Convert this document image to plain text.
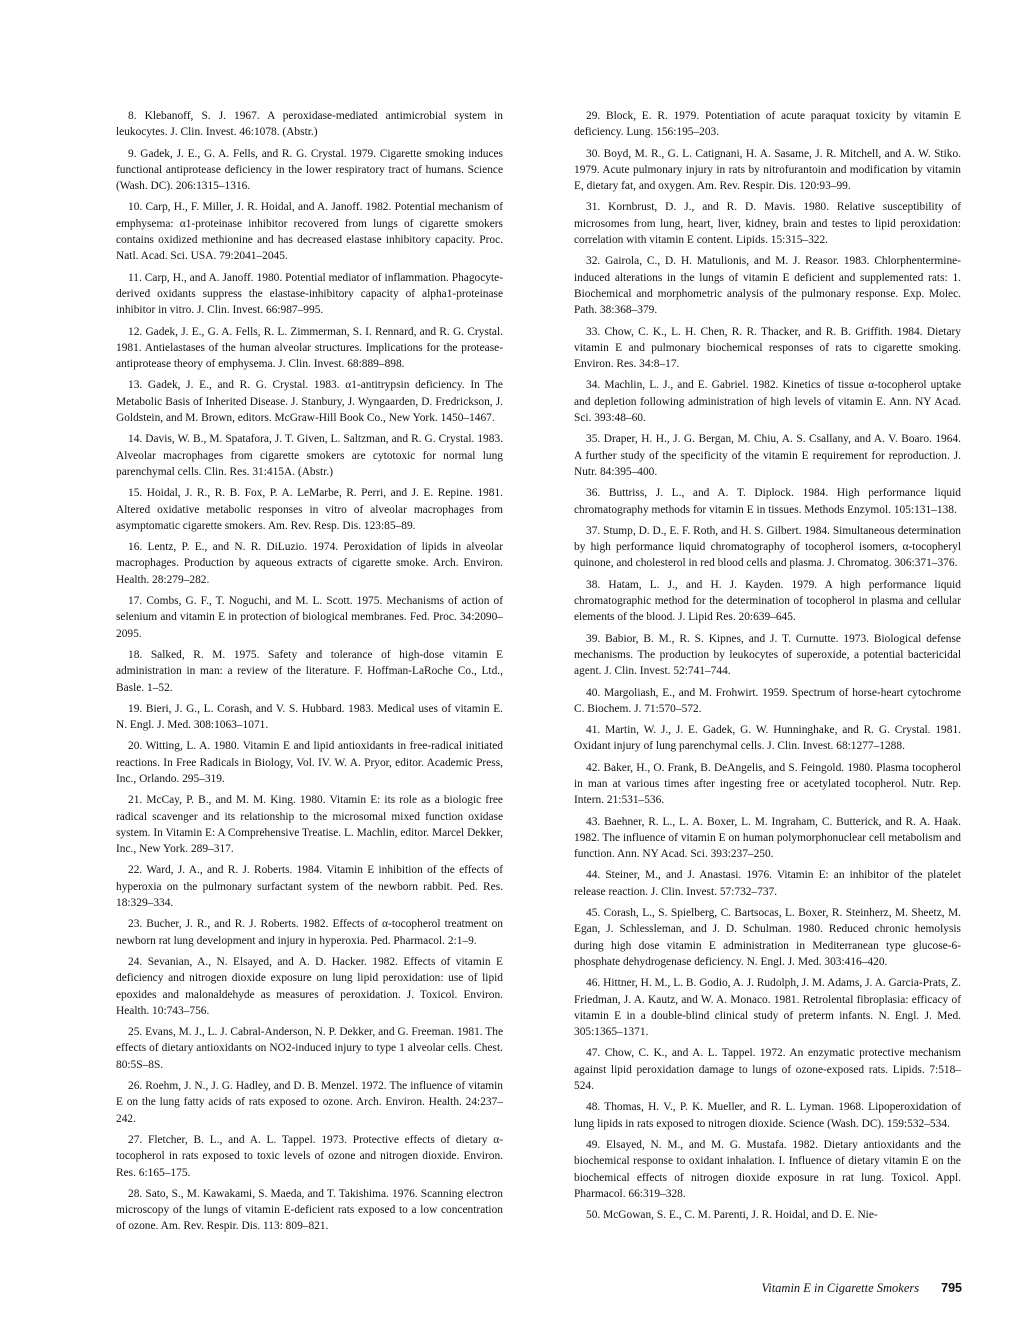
8. Klebanoff, S. J. 1967. A peroxidase-mediated antimicrobial system in leukocytes. J. Clin. Invest. 46:1078. (Abstr.)

9. Gadek, J. E., G. A. Fells, and R. G. Crystal. 1979. Cigarette smoking induces functional antiprotease deficiency in the lower respiratory tract of humans. Science (Wash. DC). 206:1315–1316.

10. Carp, H., F. Miller, J. R. Hoidal, and A. Janoff. 1982. Potential mechanism of emphysema: α1-proteinase inhibitor recovered from lungs of cigarette smokers contains oxidized methionine and has decreased elastase inhibitory capacity. Proc. Natl. Acad. Sci. USA. 79:2041–2045.

11. Carp, H., and A. Janoff. 1980. Potential mediator of inflammation. Phagocyte-derived oxidants suppress the elastase-inhibitory capacity of alpha1-proteinase inhibitor in vitro. J. Clin. Invest. 66:987–995.

12. Gadek, J. E., G. A. Fells, R. L. Zimmerman, S. I. Rennard, and R. G. Crystal. 1981. Antielastases of the human alveolar structures. Implications for the protease-antiprotease theory of emphysema. J. Clin. Invest. 68:889–898.

13. Gadek, J. E., and R. G. Crystal. 1983. α1-antitrypsin deficiency. In The Metabolic Basis of Inherited Disease. J. Stanbury, J. Wyngaarden, D. Fredrickson, J. Goldstein, and M. Brown, editors. McGraw-Hill Book Co., New York. 1450–1467.

14. Davis, W. B., M. Spatafora, J. T. Given, L. Saltzman, and R. G. Crystal. 1983. Alveolar macrophages from cigarette smokers are cytotoxic for normal lung parenchymal cells. Clin. Res. 31:415A. (Abstr.)

15. Hoidal, J. R., R. B. Fox, P. A. LeMarbe, R. Perri, and J. E. Repine. 1981. Altered oxidative metabolic responses in vitro of alveolar macrophages from asymptomatic cigarette smokers. Am. Rev. Resp. Dis. 123:85–89.

16. Lentz, P. E., and N. R. DiLuzio. 1974. Peroxidation of lipids in alveolar macrophages. Production by aqueous extracts of cigarette smoke. Arch. Environ. Health. 28:279–282.

17. Combs, G. F., T. Noguchi, and M. L. Scott. 1975. Mechanisms of action of selenium and vitamin E in protection of biological membranes. Fed. Proc. 34:2090–2095.

18. Salked, R. M. 1975. Safety and tolerance of high-dose vitamin E administration in man: a review of the literature. F. Hoffman-LaRoche Co., Ltd., Basle. 1–52.

19. Bieri, J. G., L. Corash, and V. S. Hubbard. 1983. Medical uses of vitamin E. N. Engl. J. Med. 308:1063–1071.

20. Witting, L. A. 1980. Vitamin E and lipid antioxidants in free-radical initiated reactions. In Free Radicals in Biology, Vol. IV. W. A. Pryor, editor. Academic Press, Inc., Orlando. 295–319.

21. McCay, P. B., and M. M. King. 1980. Vitamin E: its role as a biologic free radical scavenger and its relationship to the microsomal mixed function oxidase system. In Vitamin E: A Comprehensive Treatise. L. Machlin, editor. Marcel Dekker, Inc., New York. 289–317.

22. Ward, J. A., and R. J. Roberts. 1984. Vitamin E inhibition of the effects of hyperoxia on the pulmonary surfactant system of the newborn rabbit. Ped. Res. 18:329–334.

23. Bucher, J. R., and R. J. Roberts. 1982. Effects of α-tocopherol treatment on newborn rat lung development and injury in hyperoxia. Ped. Pharmacol. 2:1–9.

24. Sevanian, A., N. Elsayed, and A. D. Hacker. 1982. Effects of vitamin E deficiency and nitrogen dioxide exposure on lung lipid peroxidation: use of lipid epoxides and malonaldehyde as measures of peroxidation. J. Toxicol. Environ. Health. 10:743–756.

25. Evans, M. J., L. J. Cabral-Anderson, N. P. Dekker, and G. Freeman. 1981. The effects of dietary antioxidants on NO2-induced injury to type 1 alveolar cells. Chest. 80:5S–8S.

26. Roehm, J. N., J. G. Hadley, and D. B. Menzel. 1972. The influence of vitamin E on the lung fatty acids of rats exposed to ozone. Arch. Environ. Health. 24:237–242.

27. Fletcher, B. L., and A. L. Tappel. 1973. Protective effects of dietary α-tocopherol in rats exposed to toxic levels of ozone and nitrogen dioxide. Environ. Res. 6:165–175.

28. Sato, S., M. Kawakami, S. Maeda, and T. Takishima. 1976. Scanning electron microscopy of the lungs of vitamin E-deficient rats exposed to a low concentration of ozone. Am. Rev. Respir. Dis. 113: 809–821.

29. Block, E. R. 1979. Potentiation of acute paraquat toxicity by vitamin E deficiency. Lung. 156:195–203.

30. Boyd, M. R., G. L. Catignani, H. A. Sasame, J. R. Mitchell, and A. W. Stiko. 1979. Acute pulmonary injury in rats by nitrofurantoin and modification by vitamin E, dietary fat, and oxygen. Am. Rev. Respir. Dis. 120:93–99.

31. Kornbrust, D. J., and R. D. Mavis. 1980. Relative susceptibility of microsomes from lung, heart, liver, kidney, brain and testes to lipid peroxidation: correlation with vitamin E content. Lipids. 15:315–322.

32. Gairola, C., D. H. Matulionis, and M. J. Reasor. 1983. Chlorphentermine-induced alterations in the lungs of vitamin E deficient and supplemented rats: 1. Biochemical and morphometric analysis of the pulmonary response. Exp. Molec. Path. 38:368–379.

33. Chow, C. K., L. H. Chen, R. R. Thacker, and R. B. Griffith. 1984. Dietary vitamin E and pulmonary biochemical responses of rats to cigarette smoking. Environ. Res. 34:8–17.

34. Machlin, L. J., and E. Gabriel. 1982. Kinetics of tissue α-tocopherol uptake and depletion following administration of high levels of vitamin E. Ann. NY Acad. Sci. 393:48–60.

35. Draper, H. H., J. G. Bergan, M. Chiu, A. S. Csallany, and A. V. Boaro. 1964. A further study of the specificity of the vitamin E requirement for reproduction. J. Nutr. 84:395–400.

36. Buttriss, J. L., and A. T. Diplock. 1984. High performance liquid chromatography methods for vitamin E in tissues. Methods Enzymol. 105:131–138.

37. Stump, D. D., E. F. Roth, and H. S. Gilbert. 1984. Simultaneous determination by high performance liquid chromatography of tocopherol isomers, α-tocopheryl quinone, and cholesterol in red blood cells and plasma. J. Chromatog. 306:371–376.

38. Hatam, L. J., and H. J. Kayden. 1979. A high performance liquid chromatographic method for the determination of tocopherol in plasma and cellular elements of the blood. J. Lipid Res. 20:639–645.

39. Babior, B. M., R. S. Kipnes, and J. T. Curnutte. 1973. Biological defense mechanisms. The production by leukocytes of superoxide, a potential bactericidal agent. J. Clin. Invest. 52:741–744.

40. Margoliash, E., and M. Frohwirt. 1959. Spectrum of horse-heart cytochrome C. Biochem. J. 71:570–572.

41. Martin, W. J., J. E. Gadek, G. W. Hunninghake, and R. G. Crystal. 1981. Oxidant injury of lung parenchymal cells. J. Clin. Invest. 68:1277–1288.

42. Baker, H., O. Frank, B. DeAngelis, and S. Feingold. 1980. Plasma tocopherol in man at various times after ingesting free or acetylated tocopherol. Nutr. Rep. Intern. 21:531–536.

43. Baehner, R. L., L. A. Boxer, L. M. Ingraham, C. Butterick, and R. A. Haak. 1982. The influence of vitamin E on human polymorphonuclear cell metabolism and function. Ann. NY Acad. Sci. 393:237–250.

44. Steiner, M., and J. Anastasi. 1976. Vitamin E: an inhibitor of the platelet release reaction. J. Clin. Invest. 57:732–737.

45. Corash, L., S. Spielberg, C. Bartsocas, L. Boxer, R. Steinherz, M. Sheetz, M. Egan, J. Schlessleman, and J. D. Schulman. 1980. Reduced chronic hemolysis during high dose vitamin E administration in Mediterranean type glucose-6-phosphate dehydrogenase deficiency. N. Engl. J. Med. 303:416–420.

46. Hittner, H. M., L. B. Godio, A. J. Rudolph, J. M. Adams, J. A. Garcia-Prats, Z. Friedman, J. A. Kautz, and W. A. Monaco. 1981. Retrolental fibroplasia: efficacy of vitamin E in a double-blind clinical study of preterm infants. N. Engl. J. Med. 305:1365–1371.

47. Chow, C. K., and A. L. Tappel. 1972. An enzymatic protective mechanism against lipid peroxidation damage to lungs of ozone-exposed rats. Lipids. 7:518–524.

48. Thomas, H. V., P. K. Mueller, and R. L. Lyman. 1968. Lipoperoxidation of lung lipids in rats exposed to nitrogen dioxide. Science (Wash. DC). 159:532–534.

49. Elsayed, N. M., and M. G. Mustafa. 1982. Dietary antioxidants and the biochemical response to oxidant inhalation. I. Influence of dietary vitamin E on the biochemical effects of nitrogen dioxide exposure in rat lung. Toxicol. Appl. Pharmacol. 66:319–328.

50. McGowan, S. E., C. M. Parenti, J. R. Hoidal, and D. E. Nie-

Vitamin E in Cigarette Smokers 795
